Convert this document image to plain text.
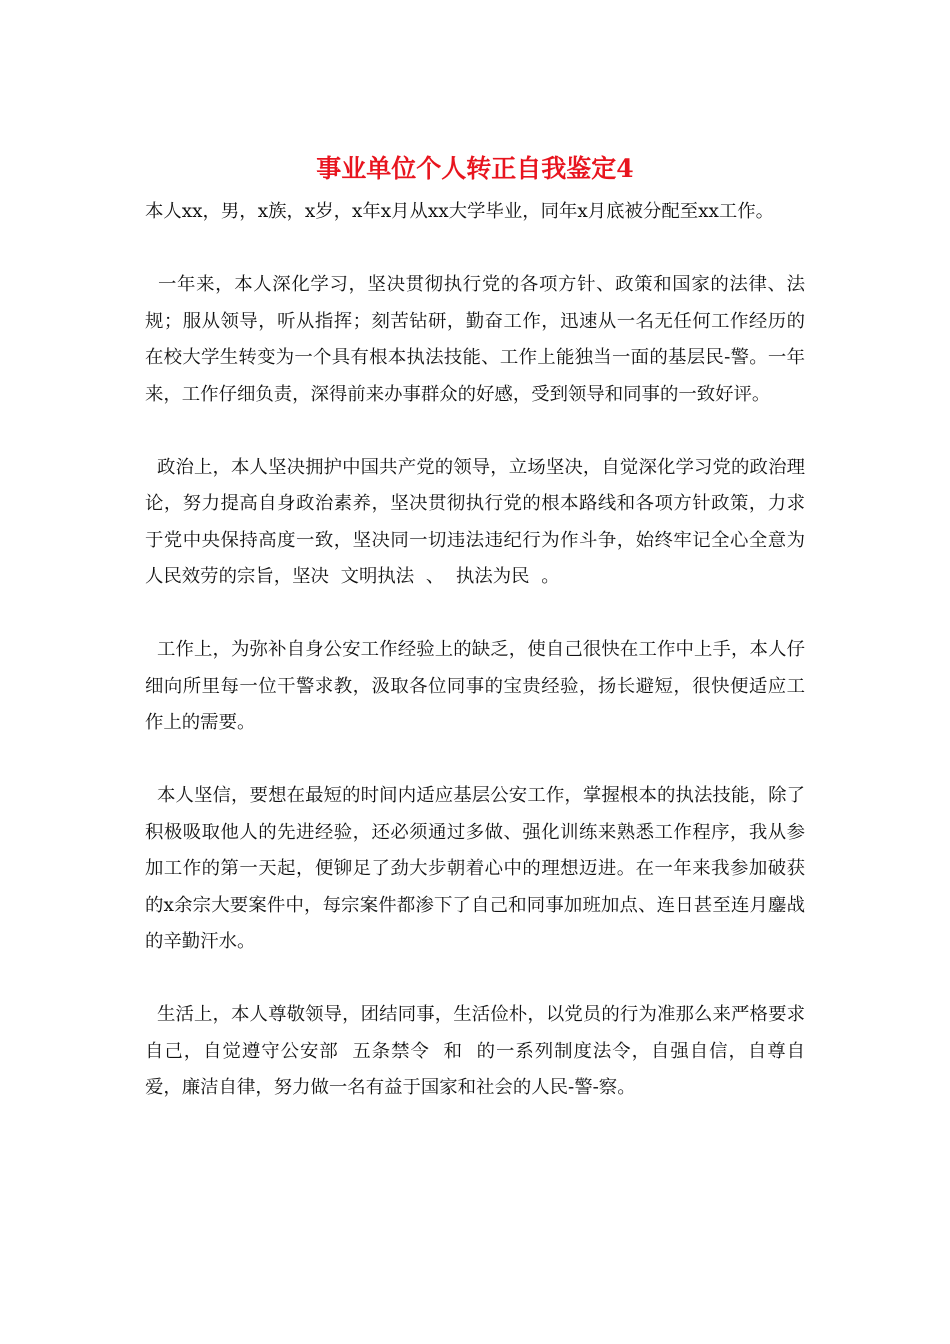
事业单位个人转正自我鉴定4

本人xx，男，x族，x岁，x年x月从xx大学毕业，同年x月底被分配至xx工作。

一年来，本人深化学习，坚决贯彻执行党的各项方针、政策和国家的法律、法规；服从领导，听从指挥；刻苦钻研，勤奋工作，迅速从一名无任何工作经历的在校大学生转变为一个具有根本执法技能、工作上能独当一面的基层民-警。一年来，工作仔细负责，深得前来办事群众的好感，受到领导和同事的一致好评。

政治上，本人坚决拥护中国共产党的领导，立场坚决，自觉深化学习党的政治理论，努力提高自身政治素养，坚决贯彻执行党的根本路线和各项方针政策，力求于党中央保持高度一致，坚决同一切违法违纪行为作斗争，始终牢记全心全意为人民效劳的宗旨，坚决  文明执法  、  执法为民  。

工作上，为弥补自身公安工作经验上的缺乏，使自己很快在工作中上手，本人仔细向所里每一位干警求教，汲取各位同事的宝贵经验，扬长避短，很快便适应工作上的需要。

本人坚信，要想在最短的时间内适应基层公安工作，掌握根本的执法技能，除了积极吸取他人的先进经验，还必须通过多做、强化训练来熟悉工作程序，我从参加工作的第一天起，便铆足了劲大步朝着心中的理想迈进。在一年来我参加破获的x余宗大要案件中，每宗案件都渗下了自己和同事加班加点、连日甚至连月鏖战的辛勤汗水。

生活上，本人尊敬领导，团结同事，生活俭朴，以党员的行为准那么来严格要求自己，自觉遵守公安部  五条禁令  和  的一系列制度法令，自强自信，自尊自爱，廉洁自律，努力做一名有益于国家和社会的人民-警-察。
